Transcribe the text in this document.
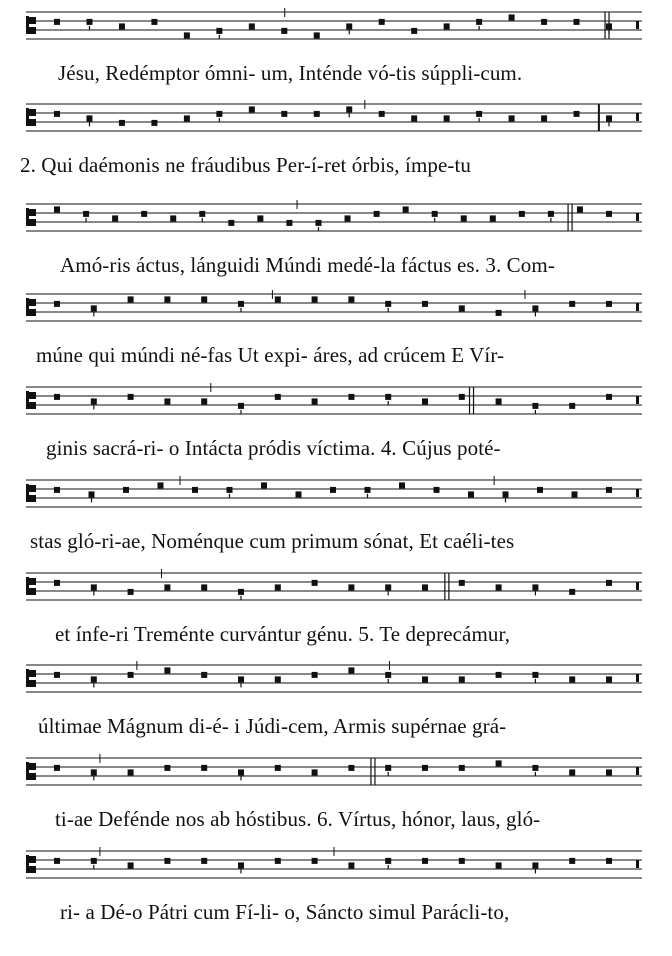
Jésu, Redémptor ómni- um, Inténde vó-tis súppli-cum.
2. Qui daémonis ne fráudibus Per-í-ret órbis, ímpe-tu
Amó-ris áctus, lánguidi Múndi medé-la fáctus es. 3. Com-
múne qui múndi né-fas Ut expi- áres, ad crúcem E Vír-
ginis sacrá-ri- o Intácta pródis víctima. 4. Cújus poté-
stas gló-ri-ae, Noménque cum primum sónat, Et caéli-tes
et ínfe-ri Treménte curvántur génu. 5. Te deprecámur,
últimae Mágnum di-é- i Júdi-cem, Armis supérnae grá-
ti-ae Defénde nos ab hóstibus. 6. Vírtus, hónor, laus, gló-
ri- a Dé-o Pátri cum Fí-li- o, Sáncto simul Parácli-to,
